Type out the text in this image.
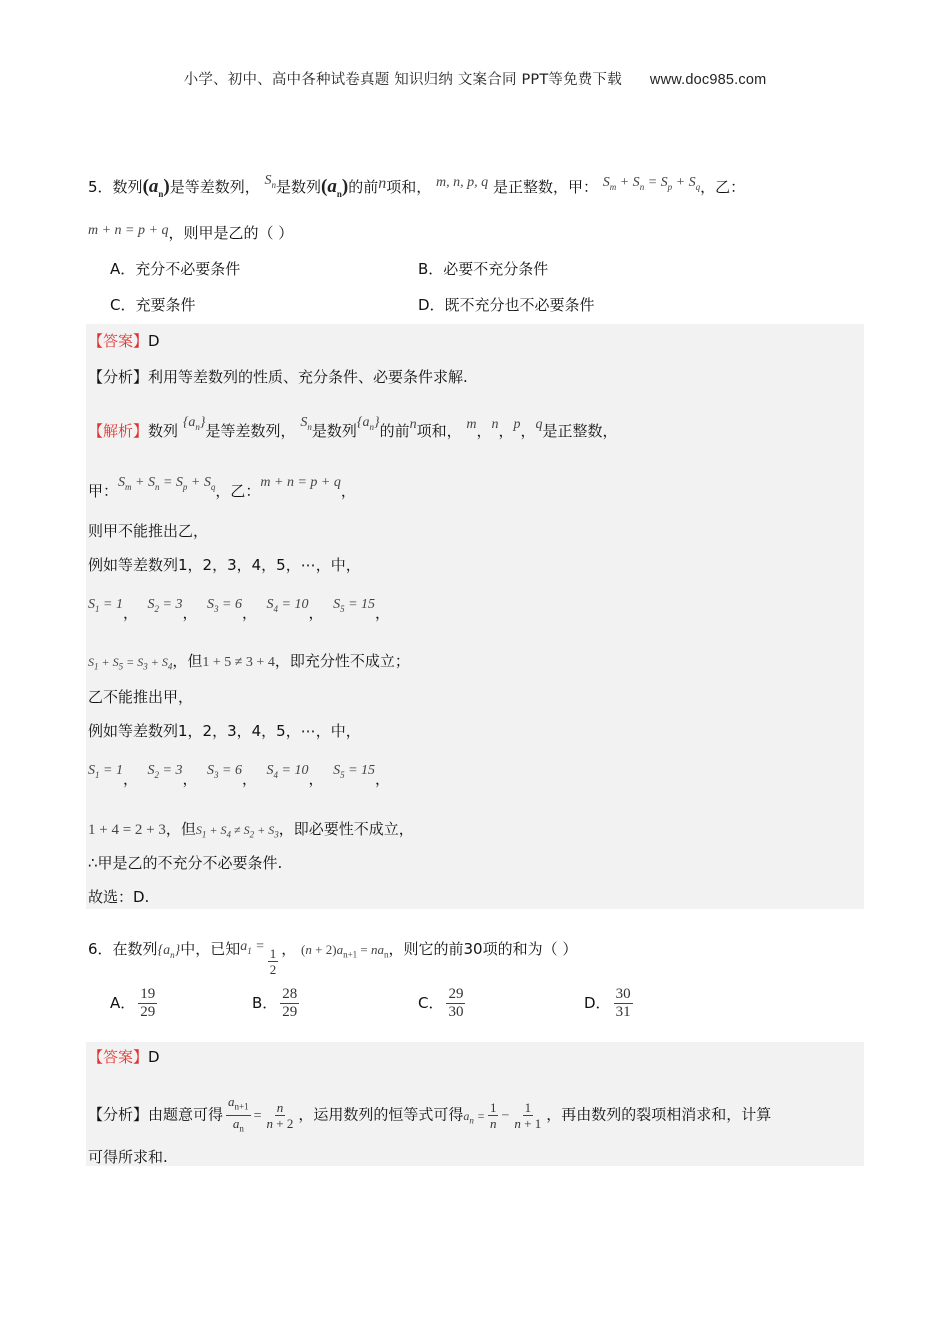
小学、初中、高中各种试卷真题 知识归纳 文案合同 PPT等免费下载 www.doc985.com
5．数列$(a_n)$是等差数列， $S_n$是数列$(a_n)$的前n项和， m, n, p, q 是正整数，甲： $S_m + S_n = S_p + S_q$，乙：
m + n = p + q，则甲是乙的（ ）
A．充分不必要条件	B．必要不充分条件
C．充要条件	D．既不充分也不必要条件
【答案】D
【分析】利用等差数列的性质、充分条件、必要条件求解.
【解析】数列 $\{a_n\}$是等差数列， $S_n$是数列$\{a_n\}$的前n项和， m，n，p，q是正整数，
甲：$S_m + S_n = S_p + S_q$，乙：m + n = p + q，
则甲不能推出乙，
例如等差数列1，2，3，4，5，⋯，中，
$S_1 = 1$， $S_2 = 3$， $S_3 = 6$， $S_4 = 10$， $S_5 = 15$，
$S_1 + S_5 = S_3 + S_4$，但1 + 5 ≠ 3 + 4，即充分性不成立；
乙不能推出甲，
例如等差数列1，2，3，4，5，⋯，中，
$S_1 = 1$， $S_2 = 3$， $S_3 = 6$， $S_4 = 10$， $S_5 = 15$，
1 + 4 = 2 + 3，但$S_1 + S_4 \ne S_2 + S_3$，即必要性不成立，
∴甲是乙的不充分不必要条件.
故选：D.
6．在数列$\{a_n\}$中，已知$a_1 = \frac{1}{2}$ ， $(n + 2)a_{n+1} = na_n$，则它的前30项的和为（ ）
A． $\frac{19}{29}$	B． $\frac{28}{29}$	C． $\frac{29}{30}$	D． $\frac{30}{31}$
【答案】D
【分析】由题意可得 $\frac{a_{n+1}}{a_n} = \frac{n}{n + 2}$ ，运用数列的恒等式可得$a_n = \frac{1}{n} - \frac{1}{n + 1}$ ，再由数列的裂项相消求和，计算
可得所求和.
